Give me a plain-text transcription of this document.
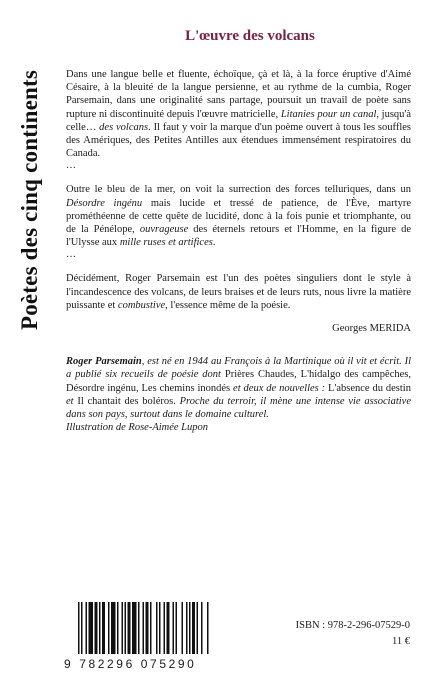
Poètes des cinq continents
L'œuvre des volcans

Dans une langue belle et fluente, échoïque, çà et là, à la force éruptive d'Aimé Césaire, à la bleuité de la langue persienne, et au rythme de la cumbia, Roger Parsemain, dans une originalité sans partage, poursuit un travail de poète sans rupture ni discontinuité depuis l'œuvre matricielle, Litanies pour un canal, jusqu'à celle… des volcans. Il faut y voir la marque d'un poème ouvert à tous les souffles des Amériques, des Petites Antilles aux étendues immensément respiratoires du Canada.

…

Outre le bleu de la mer, on voit la surrection des forces telluriques, dans un Désordre ingénu mais lucide et tressé de patience, de l'Ève, martyre prométhéenne de cette quête de lucidité, donc à la fois punie et triomphante, ou de la Pénélope, ouvrageuse des éternels retours et l'Homme, en la figure de l'Ulysse aux mille ruses et artifices.

…

Décidément, Roger Parsemain est l'un des poètes singuliers dont le style à l'incandescence des volcans, de leurs braises et de leurs ruts, nous livre la matière puissante et combustive, l'essence même de la poésie.

Georges MERIDA

Roger Parsemain, est né en 1944 au François à la Martinique où il vit et écrit. Il a publié six recueils de poésie dont Prières Chaudes, L'hidalgo des campêches, Désordre ingénu, Les chemins inondés et deux de nouvelles : L'absence du destin et Il chantait des boléros. Proche du terroir, il mène une intense vie associative dans son pays, surtout dans le domaine culturel.

Illustration de Rose-Aimée Lupon

9 782296 075290
ISBN : 978-2-296-07529-0
11 €
